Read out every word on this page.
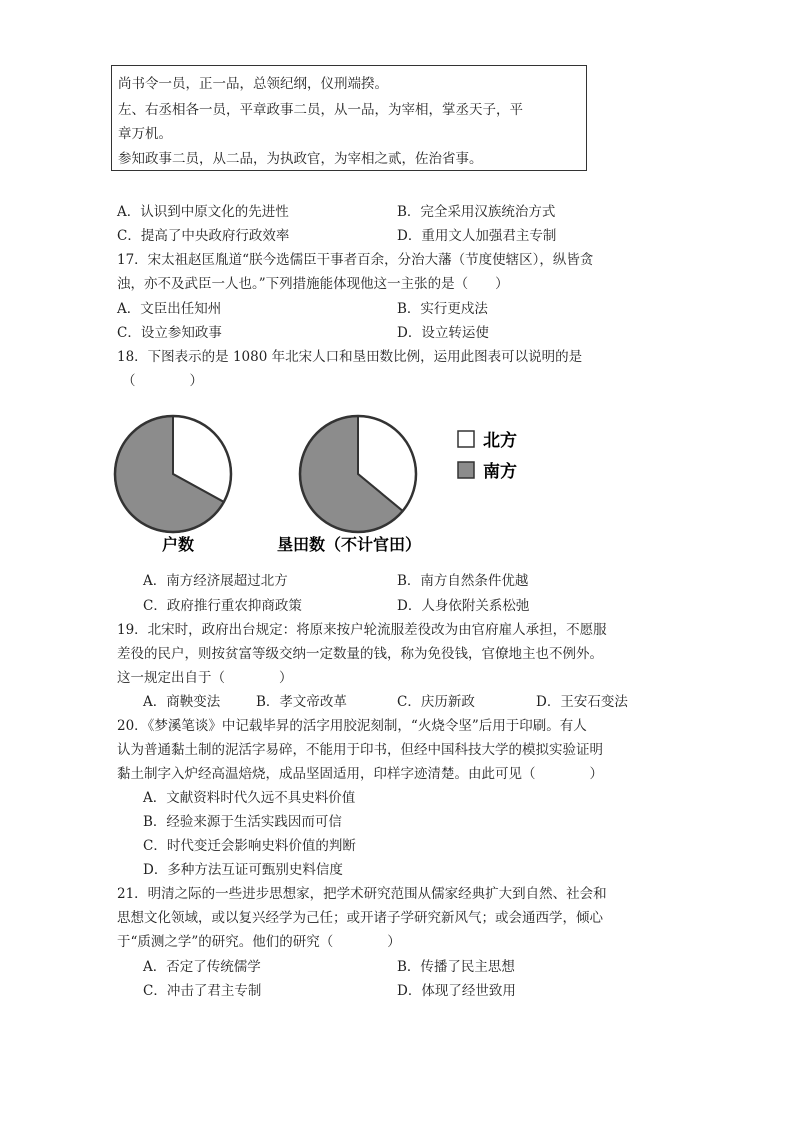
尚书令一员，正一品，总领纪纲，仪刑端揆。
左、右丞相各一员，平章政事二员，从一品，为宰相，掌丞天子，平
章万机。
参知政事二员，从二品，为执政官，为宰相之贰，佐治省事。
A．认识到中原文化的先进性	B．完全采用汉族统治方式
C．提高了中央政府行政效率	D．重用文人加强君主专制
17．宋太祖赵匡胤道“朕今选儒臣干事者百余，分治大藩（节度使辖区），纵皆贪
浊，亦不及武臣一人也。”下列措施能体现他这一主张的是（　　）
A．文臣出任知州	B．实行更戍法
C．设立参知政事	D．设立转运使
18．下图表示的是 1080 年北宋人口和垦田数比例，运用此图表可以说明的是
（　　　　）
北方
南方
户数	垦田数（不计官田）
A．南方经济展超过北方	B．南方自然条件优越
C．政府推行重农抑商政策	D．人身依附关系松弛
19．北宋时，政府出台规定：将原来按户轮流服差役改为由官府雇人承担，不愿服
差役的民户，则按贫富等级交纳一定数量的钱，称为免役钱，官僚地主也不例外。
这一规定出自于（　　　　）
A．商鞅变法	B．孝文帝改革	C．庆历新政	D．王安石变法
20．《梦溪笔谈》中记载毕昇的活字用胶泥刻制，“火烧令坚”后用于印刷。有人
认为普通黏土制的泥活字易碎，不能用于印书，但经中国科技大学的模拟实验证明
黏土制字入炉经高温焙烧，成品坚固适用，印样字迹清楚。由此可见（　　　　）
A．文献资料时代久远不具史料价值
B．经验来源于生活实践因而可信
C．时代变迁会影响史料价值的判断
D．多种方法互证可甄别史料信度
21．明清之际的一些进步思想家，把学术研究范围从儒家经典扩大到自然、社会和
思想文化领域，或以复兴经学为己任；或开诸子学研究新风气；或会通西学，倾心
于“质测之学”的研究。他们的研究（　　　　）
A．否定了传统儒学	B．传播了民主思想
C．冲击了君主专制	D．体现了经世致用
